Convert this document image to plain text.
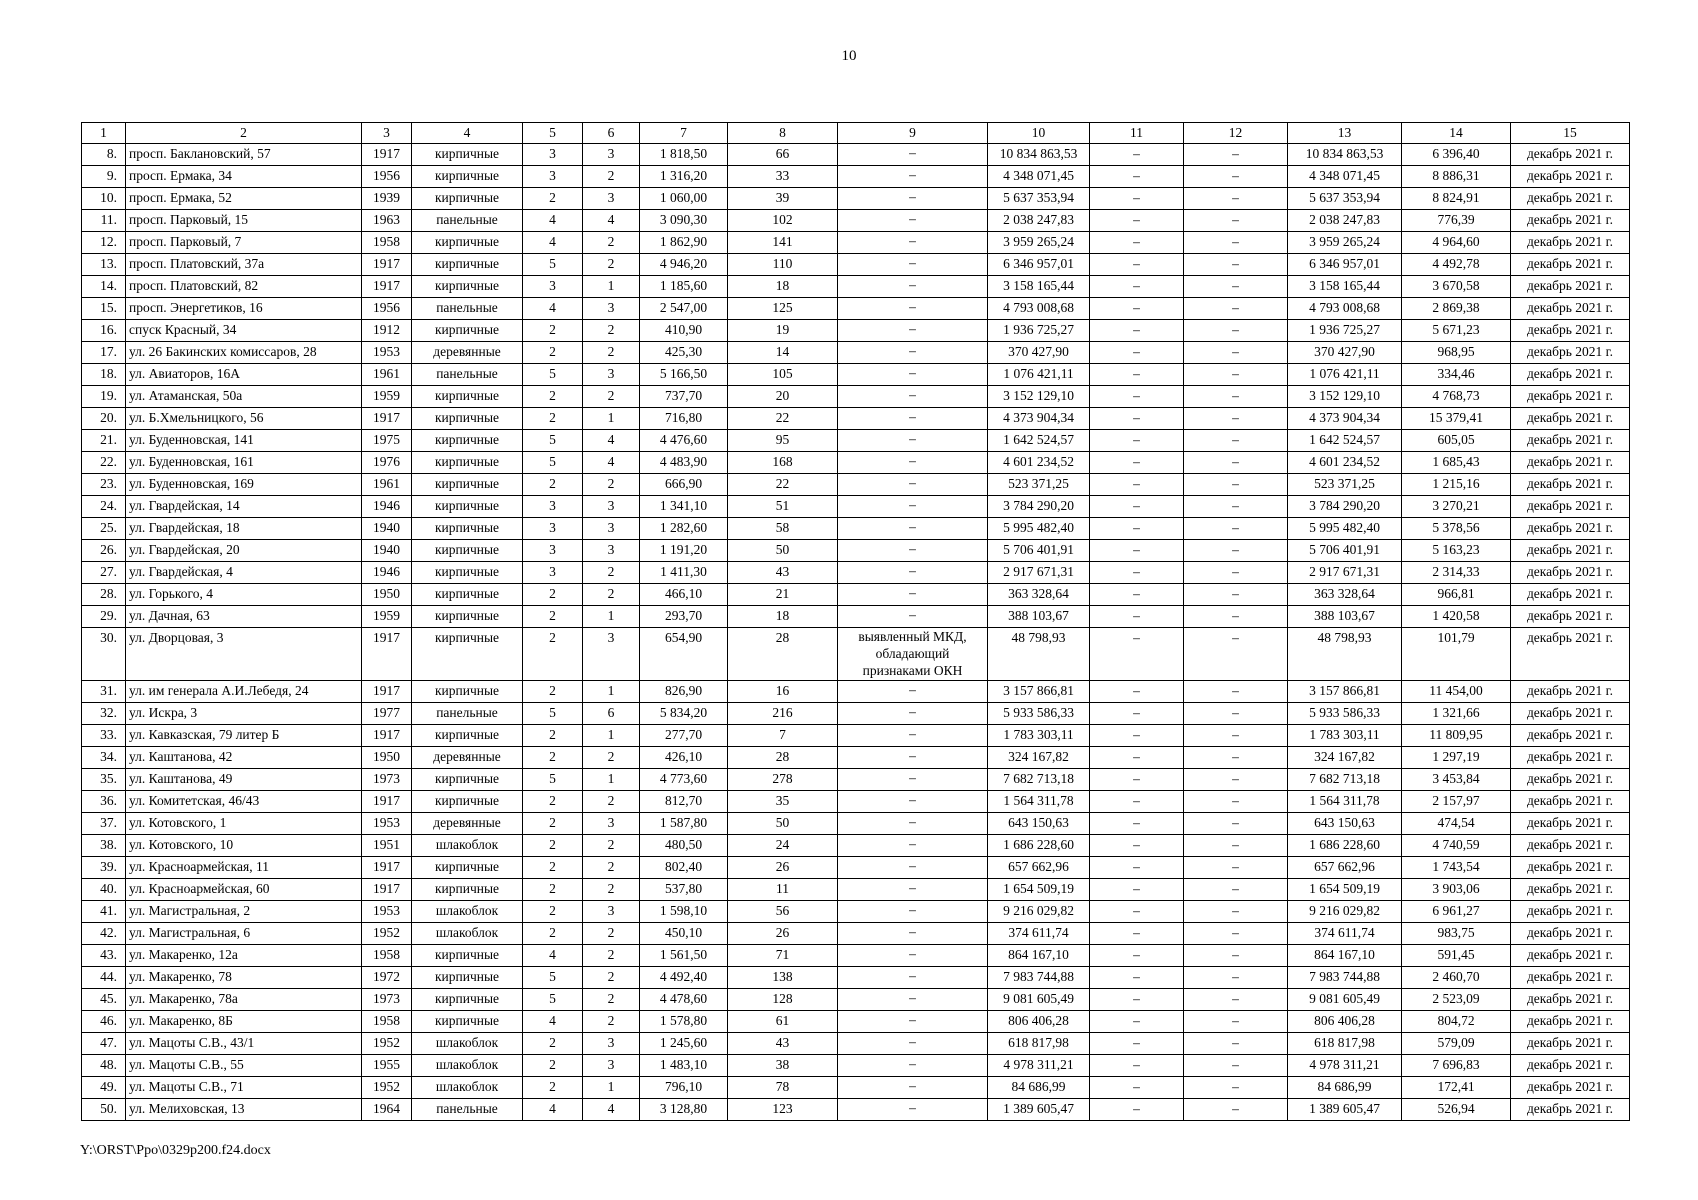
10
1	2	3	4	5	6	7	8	9	10	11	12	13	14	15
8.	просп. Баклановский, 57	1917	кирпичные	3	3	1 818,50	66	–	10 834 863,53	–	–	10 834 863,53	6 396,40	декабрь 2021 г.
9.	просп. Ермака, 34	1956	кирпичные	3	2	1 316,20	33	–	4 348 071,45	–	–	4 348 071,45	8 886,31	декабрь 2021 г.
10.	просп. Ермака, 52	1939	кирпичные	2	3	1 060,00	39	–	5 637 353,94	–	–	5 637 353,94	8 824,91	декабрь 2021 г.
11.	просп. Парковый, 15	1963	панельные	4	4	3 090,30	102	–	2 038 247,83	–	–	2 038 247,83	776,39	декабрь 2021 г.
12.	просп. Парковый, 7	1958	кирпичные	4	2	1 862,90	141	–	3 959 265,24	–	–	3 959 265,24	4 964,60	декабрь 2021 г.
13.	просп. Платовский, 37а	1917	кирпичные	5	2	4 946,20	110	–	6 346 957,01	–	–	6 346 957,01	4 492,78	декабрь 2021 г.
14.	просп. Платовский, 82	1917	кирпичные	3	1	1 185,60	18	–	3 158 165,44	–	–	3 158 165,44	3 670,58	декабрь 2021 г.
15.	просп. Энергетиков, 16	1956	панельные	4	3	2 547,00	125	–	4 793 008,68	–	–	4 793 008,68	2 869,38	декабрь 2021 г.
16.	спуск Красный, 34	1912	кирпичные	2	2	410,90	19	–	1 936 725,27	–	–	1 936 725,27	5 671,23	декабрь 2021 г.
17.	ул. 26 Бакинских комиссаров, 28	1953	деревянные	2	2	425,30	14	–	370 427,90	–	–	370 427,90	968,95	декабрь 2021 г.
18.	ул. Авиаторов, 16А	1961	панельные	5	3	5 166,50	105	–	1 076 421,11	–	–	1 076 421,11	334,46	декабрь 2021 г.
19.	ул. Атаманская, 50а	1959	кирпичные	2	2	737,70	20	–	3 152 129,10	–	–	3 152 129,10	4 768,73	декабрь 2021 г.
20.	ул. Б.Хмельницкого, 56	1917	кирпичные	2	1	716,80	22	–	4 373 904,34	–	–	4 373 904,34	15 379,41	декабрь 2021 г.
21.	ул. Буденновская, 141	1975	кирпичные	5	4	4 476,60	95	–	1 642 524,57	–	–	1 642 524,57	605,05	декабрь 2021 г.
22.	ул. Буденновская, 161	1976	кирпичные	5	4	4 483,90	168	–	4 601 234,52	–	–	4 601 234,52	1 685,43	декабрь 2021 г.
23.	ул. Буденновская, 169	1961	кирпичные	2	2	666,90	22	–	523 371,25	–	–	523 371,25	1 215,16	декабрь 2021 г.
24.	ул. Гвардейская, 14	1946	кирпичные	3	3	1 341,10	51	–	3 784 290,20	–	–	3 784 290,20	3 270,21	декабрь 2021 г.
25.	ул. Гвардейская, 18	1940	кирпичные	3	3	1 282,60	58	–	5 995 482,40	–	–	5 995 482,40	5 378,56	декабрь 2021 г.
26.	ул. Гвардейская, 20	1940	кирпичные	3	3	1 191,20	50	–	5 706 401,91	–	–	5 706 401,91	5 163,23	декабрь 2021 г.
27.	ул. Гвардейская, 4	1946	кирпичные	3	2	1 411,30	43	–	2 917 671,31	–	–	2 917 671,31	2 314,33	декабрь 2021 г.
28.	ул. Горького, 4	1950	кирпичные	2	2	466,10	21	–	363 328,64	–	–	363 328,64	966,81	декабрь 2021 г.
29.	ул. Дачная, 63	1959	кирпичные	2	1	293,70	18	–	388 103,67	–	–	388 103,67	1 420,58	декабрь 2021 г.
30.	ул. Дворцовая, 3	1917	кирпичные	2	3	654,90	28	выявленный МКД, обладающий признаками ОКН	48 798,93	–	–	48 798,93	101,79	декабрь 2021 г.
31.	ул. им генерала А.И.Лебедя, 24	1917	кирпичные	2	1	826,90	16	–	3 157 866,81	–	–	3 157 866,81	11 454,00	декабрь 2021 г.
32.	ул. Искра, 3	1977	панельные	5	6	5 834,20	216	–	5 933 586,33	–	–	5 933 586,33	1 321,66	декабрь 2021 г.
33.	ул. Кавказская, 79 литер Б	1917	кирпичные	2	1	277,70	7	–	1 783 303,11	–	–	1 783 303,11	11 809,95	декабрь 2021 г.
34.	ул. Каштанова, 42	1950	деревянные	2	2	426,10	28	–	324 167,82	–	–	324 167,82	1 297,19	декабрь 2021 г.
35.	ул. Каштанова, 49	1973	кирпичные	5	1	4 773,60	278	–	7 682 713,18	–	–	7 682 713,18	3 453,84	декабрь 2021 г.
36.	ул. Комитетская, 46/43	1917	кирпичные	2	2	812,70	35	–	1 564 311,78	–	–	1 564 311,78	2 157,97	декабрь 2021 г.
37.	ул. Котовского, 1	1953	деревянные	2	3	1 587,80	50	–	643 150,63	–	–	643 150,63	474,54	декабрь 2021 г.
38.	ул. Котовского, 10	1951	шлакоблок	2	2	480,50	24	–	1 686 228,60	–	–	1 686 228,60	4 740,59	декабрь 2021 г.
39.	ул. Красноармейская, 11	1917	кирпичные	2	2	802,40	26	–	657 662,96	–	–	657 662,96	1 743,54	декабрь 2021 г.
40.	ул. Красноармейская, 60	1917	кирпичные	2	2	537,80	11	–	1 654 509,19	–	–	1 654 509,19	3 903,06	декабрь 2021 г.
41.	ул. Магистральная, 2	1953	шлакоблок	2	3	1 598,10	56	–	9 216 029,82	–	–	9 216 029,82	6 961,27	декабрь 2021 г.
42.	ул. Магистральная, 6	1952	шлакоблок	2	2	450,10	26	–	374 611,74	–	–	374 611,74	983,75	декабрь 2021 г.
43.	ул. Макаренко, 12а	1958	кирпичные	4	2	1 561,50	71	–	864 167,10	–	–	864 167,10	591,45	декабрь 2021 г.
44.	ул. Макаренко, 78	1972	кирпичные	5	2	4 492,40	138	–	7 983 744,88	–	–	7 983 744,88	2 460,70	декабрь 2021 г.
45.	ул. Макаренко, 78а	1973	кирпичные	5	2	4 478,60	128	–	9 081 605,49	–	–	9 081 605,49	2 523,09	декабрь 2021 г.
46.	ул. Макаренко, 8Б	1958	кирпичные	4	2	1 578,80	61	–	806 406,28	–	–	806 406,28	804,72	декабрь 2021 г.
47.	ул. Мацоты С.В., 43/1	1952	шлакоблок	2	3	1 245,60	43	–	618 817,98	–	–	618 817,98	579,09	декабрь 2021 г.
48.	ул. Мацоты С.В., 55	1955	шлакоблок	2	3	1 483,10	38	–	4 978 311,21	–	–	4 978 311,21	7 696,83	декабрь 2021 г.
49.	ул. Мацоты С.В., 71	1952	шлакоблок	2	1	796,10	78	–	84 686,99	–	–	84 686,99	172,41	декабрь 2021 г.
50.	ул. Мелиховская, 13	1964	панельные	4	4	3 128,80	123	–	1 389 605,47	–	–	1 389 605,47	526,94	декабрь 2021 г.
Y:\ORST\Ppo\0329p200.f24.docx
